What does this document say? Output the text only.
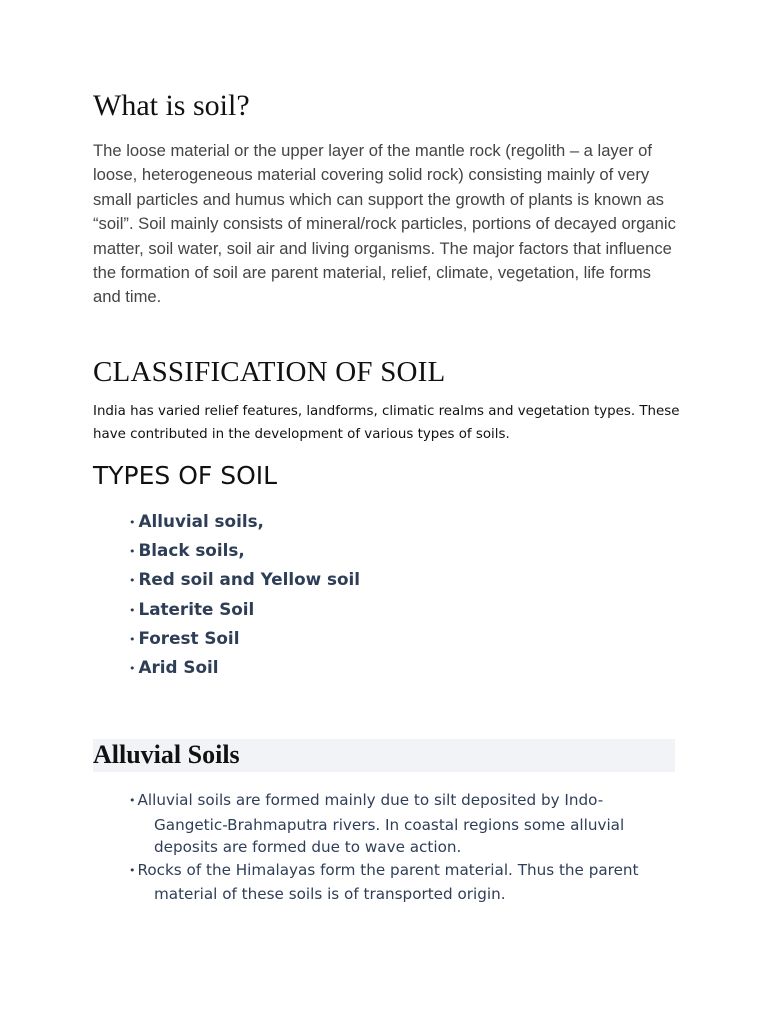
What is soil?

The loose material or the upper layer of the mantle rock (regolith – a layer of loose, heterogeneous material covering solid rock) consisting mainly of very small particles and humus which can support the growth of plants is known as “soil”. Soil mainly consists of mineral/rock particles, portions of decayed organic matter, soil water, soil air and living organisms. The major factors that influence the formation of soil are parent material, relief, climate, vegetation, life forms and time.

CLASSIFICATION OF SOIL

India has varied relief features, landforms, climatic realms and vegetation types. These have contributed in the development of various types of soils.

TYPES OF SOIL
• Alluvial soils,
• Black soils,
• Red soil and Yellow soil
• Laterite Soil
• Forest Soil
• Arid Soil
Alluvial Soils
• Alluvial soils are formed mainly due to silt deposited by Indo-Gangetic-Brahmaputra rivers. In coastal regions some alluvial deposits are formed due to wave action.
• Rocks of the Himalayas form the parent material. Thus the parent material of these soils is of transported origin.
